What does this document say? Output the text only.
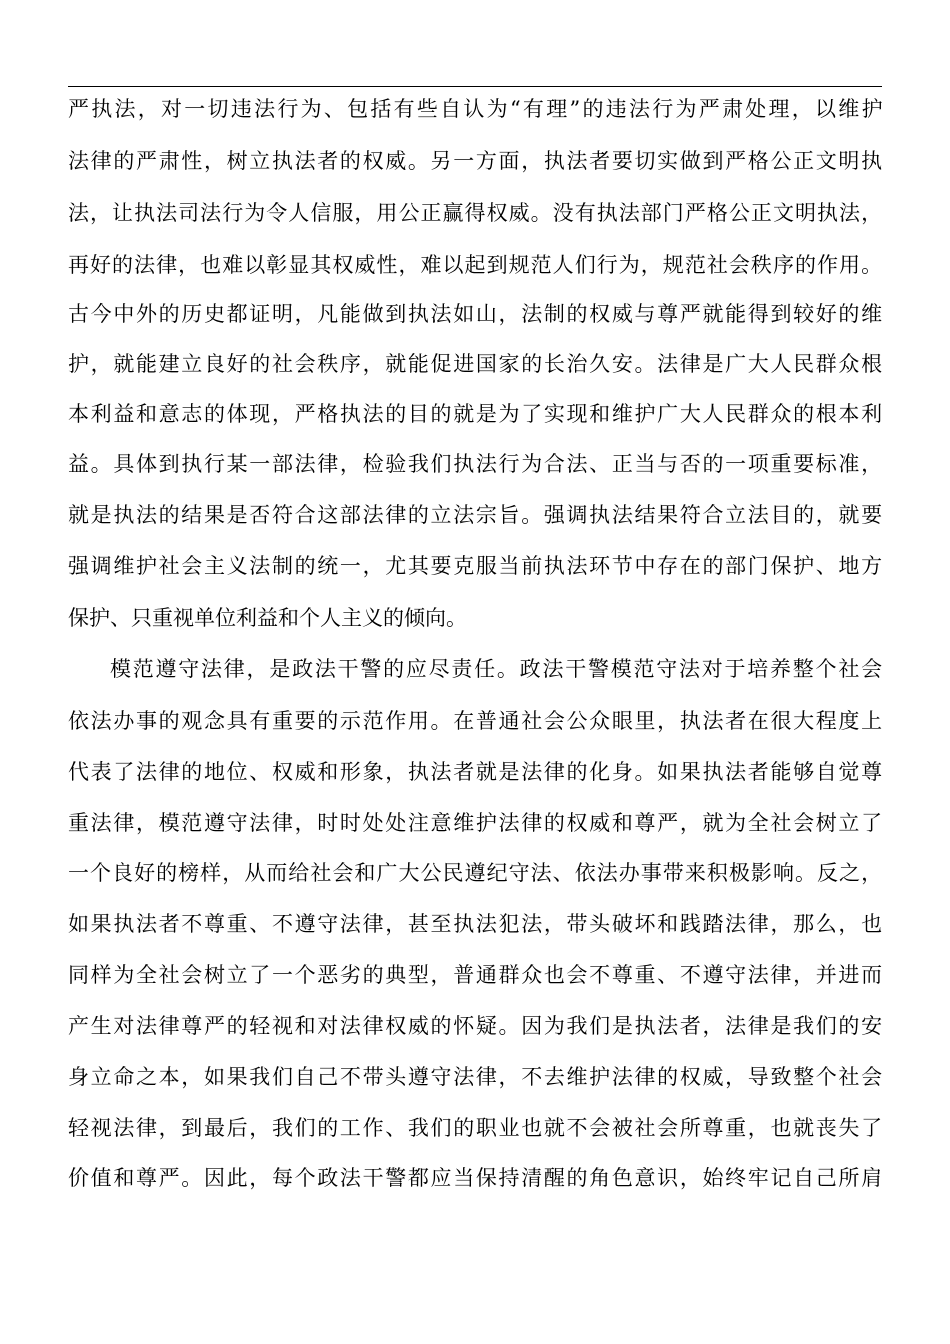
严执法，对一切违法行为、包括有些自认为“有理”的违法行为严肃处理，以维护
法律的严肃性，树立执法者的权威。另一方面，执法者要切实做到严格公正文明执
法，让执法司法行为令人信服，用公正赢得权威。没有执法部门严格公正文明执法，
再好的法律，也难以彰显其权威性，难以起到规范人们行为，规范社会秩序的作用。
古今中外的历史都证明，凡能做到执法如山，法制的权威与尊严就能得到较好的维
护，就能建立良好的社会秩序，就能促进国家的长治久安。法律是广大人民群众根
本利益和意志的体现，严格执法的目的就是为了实现和维护广大人民群众的根本利
益。具体到执行某一部法律，检验我们执法行为合法、正当与否的一项重要标准，
就是执法的结果是否符合这部法律的立法宗旨。强调执法结果符合立法目的，就要
强调维护社会主义法制的统一，尤其要克服当前执法环节中存在的部门保护、地方
保护、只重视单位利益和个人主义的倾向。
模范遵守法律，是政法干警的应尽责任。政法干警模范守法对于培养整个社会
依法办事的观念具有重要的示范作用。在普通社会公众眼里，执法者在很大程度上
代表了法律的地位、权威和形象，执法者就是法律的化身。如果执法者能够自觉尊
重法律，模范遵守法律，时时处处注意维护法律的权威和尊严，就为全社会树立了
一个良好的榜样，从而给社会和广大公民遵纪守法、依法办事带来积极影响。反之，
如果执法者不尊重、不遵守法律，甚至执法犯法，带头破坏和践踏法律，那么，也
同样为全社会树立了一个恶劣的典型，普通群众也会不尊重、不遵守法律，并进而
产生对法律尊严的轻视和对法律权威的怀疑。因为我们是执法者，法律是我们的安
身立命之本，如果我们自己不带头遵守法律，不去维护法律的权威，导致整个社会
轻视法律，到最后，我们的工作、我们的职业也就不会被社会所尊重，也就丧失了
价值和尊严。因此，每个政法干警都应当保持清醒的角色意识，始终牢记自己所肩
